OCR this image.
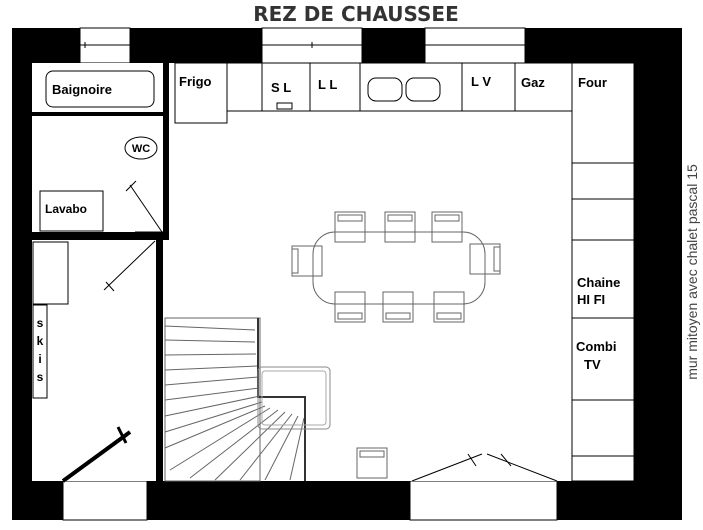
REZ DE CHAUSSEE
mur mitoyen avec chalet pascal 15
Baignoire
WC
Lavabo
s
k
i
s
Frigo	S L L L	L V Gaz	Four
Chaine
HI FI
Combi
TV
